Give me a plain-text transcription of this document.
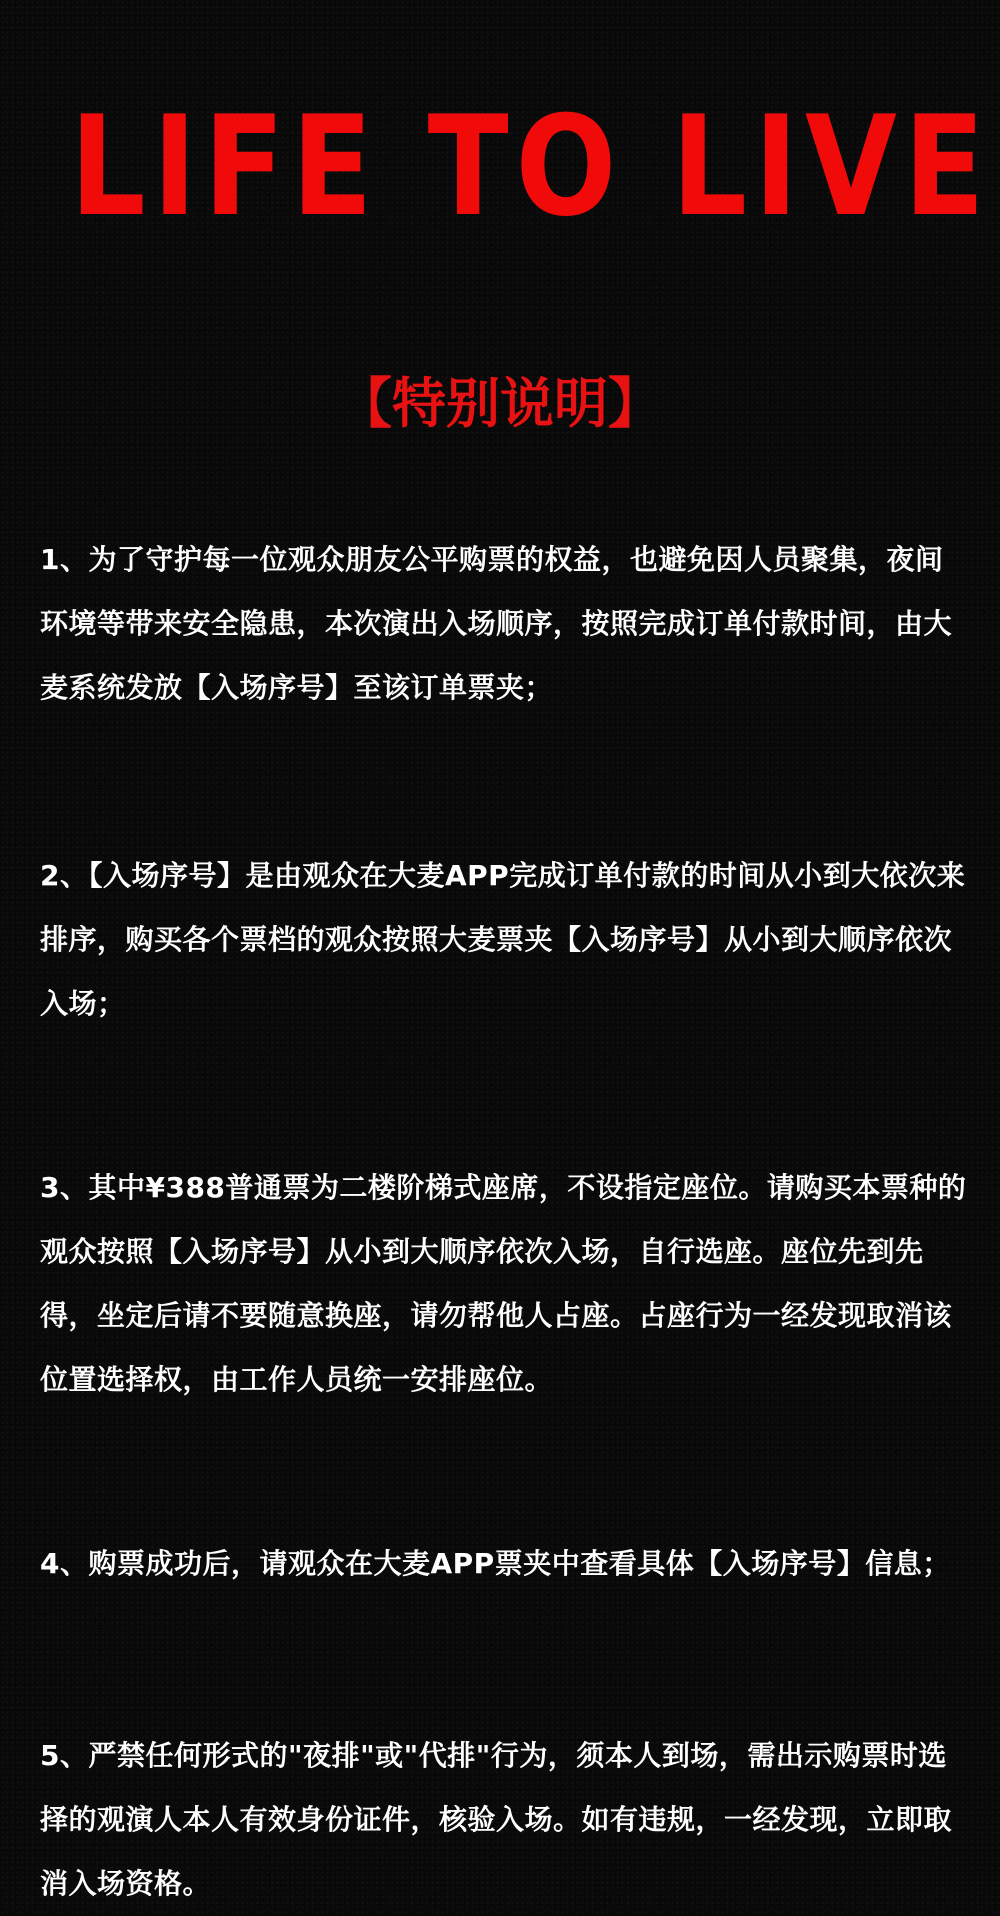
LIFE TO LIVE
【特别说明】

1、为了守护每一位观众朋友公平购票的权益，也避免因人员聚集，夜间环境等带来安全隐患，本次演出入场顺序，按照完成订单付款时间，由大麦系统发放【入场序号】至该订单票夹；

2、【入场序号】是由观众在大麦APP完成订单付款的时间从小到大依次来排序，购买各个票档的观众按照大麦票夹【入场序号】从小到大顺序依次入场；

3、其中¥388普通票为二楼阶梯式座席，不设指定座位。请购买本票种的观众按照【入场序号】从小到大顺序依次入场，自行选座。座位先到先得，坐定后请不要随意换座，请勿帮他人占座。占座行为一经发现取消该位置选择权，由工作人员统一安排座位。

4、购票成功后，请观众在大麦APP票夹中查看具体【入场序号】信息；

5、严禁任何形式的"夜排"或"代排"行为，须本人到场，需出示购票时选择的观演人本人有效身份证件，核验入场。如有违规，一经发现，立即取消入场资格。
